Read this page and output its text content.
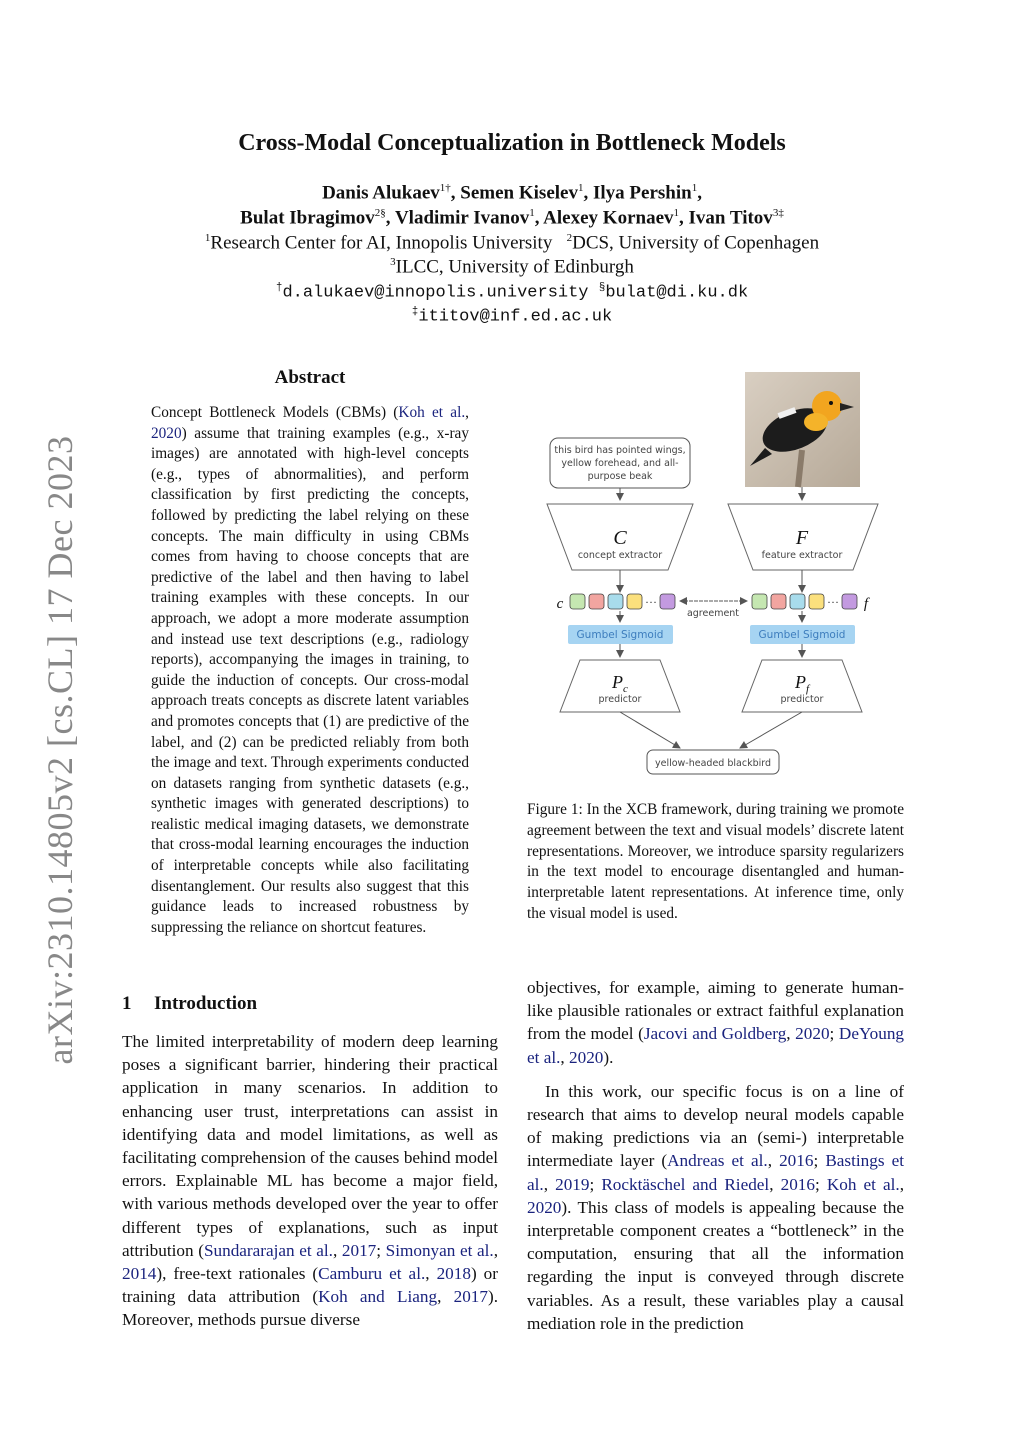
arXiv:2310.14805v2 [cs.CL] 17 Dec 2023
Cross-Modal Conceptualization in Bottleneck Models
Danis Alukaev$^{1\dagger}$, Semen Kiselev$^1$, Ilya Pershin$^1$,
Bulat Ibragimov$^{2\S}$, Vladimir Ivanov$^1$, Alexey Kornaev$^1$, Ivan Titov$^{3\ddagger}$
$^1$Research Center for AI, Innopolis University $^2$DCS, University of Copenhagen
$^3$ILCC, University of Edinburgh
†d.alukaev@innopolis.university §bulat@di.ku.dk
‡ititov@inf.ed.ac.uk
Abstract
Concept Bottleneck Models (CBMs) (Koh et al., 2020) assume that training examples (e.g., x-ray images) are annotated with high-level concepts (e.g., types of abnormalities), and perform classification by first predicting the concepts, followed by predicting the label relying on these concepts. The main difficulty in using CBMs comes from having to choose concepts that are predictive of the label and then having to label training examples with these concepts. In our approach, we adopt a more moderate assumption and instead use text descriptions (e.g., radiology reports), accompanying the images in training, to guide the induction of concepts. Our cross-modal approach treats concepts as discrete latent variables and promotes concepts that (1) are predictive of the label, and (2) can be predicted reliably from both the image and text. Through experiments conducted on datasets ranging from synthetic datasets (e.g., synthetic images with generated descriptions) to realistic medical imaging datasets, we demonstrate that cross-modal learning encourages the induction of interpretable concepts while also facilitating disentanglement. Our results also suggest that this guidance leads to increased robustness by suppressing the reliance on shortcut features.
1 Introduction
The limited interpretability of modern deep learning poses a significant barrier, hindering their practical application in many scenarios. In addition to enhancing user trust, interpretations can assist in identifying data and model limitations, as well as facilitating comprehension of the causes behind model errors. Explainable ML has become a major field, with various methods developed over the year to offer different types of explanations, such as input attribution (Sundararajan et al., 2017; Simonyan et al., 2014), free-text rationales (Camburu et al., 2018) or training data attribution (Koh and Liang, 2017). Moreover, methods pursue diverse
this bird has pointed wings,
yellow forehead, and all-
purpose beak
C
concept extractor
F
feature extractor
c	···	··· f
agreement
Gumbel Sigmoid	Gumbel Sigmoid
$P_c$
predictor
$P_f$
predictor
yellow-headed blackbird
Figure 1: In the XCB framework, during training we promote agreement between the text and visual models’ discrete latent representations. Moreover, we introduce sparsity regularizers in the text model to encourage disentangled and human-interpretable latent representations. At inference time, only the visual model is used.

objectives, for example, aiming to generate human-like plausible rationales or extract faithful explanation from the model (Jacovi and Goldberg, 2020; DeYoung et al., 2020).

In this work, our specific focus is on a line of research that aims to develop neural models capable of making predictions via an (semi-) interpretable intermediate layer (Andreas et al., 2016; Bastings et al., 2019; Rocktäschel and Riedel, 2016; Koh et al., 2020). This class of models is appealing because the interpretable component creates a “bottleneck” in the computation, ensuring that all the information regarding the input is conveyed through discrete variables. As a result, these variables play a causal mediation role in the prediction
